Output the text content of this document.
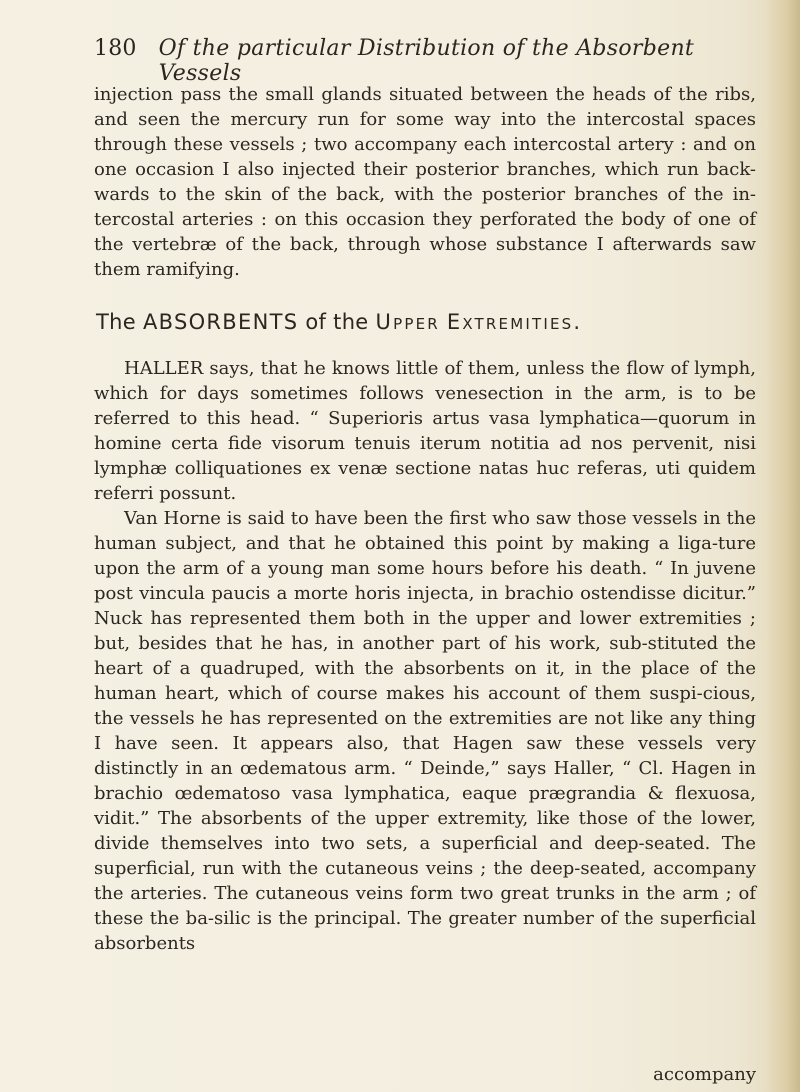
180 Of the particular Distribution of the Absorbent Vessels

injection pass the small glands situated between the heads of the ribs, and seen the mercury run for some way into the intercostal spaces through these vessels ; two accompany each intercostal artery : and on one occasion I also injected their posterior branches, which run back-wards to the skin of the back, with the posterior branches of the in-tercostal arteries : on this occasion they perforated the body of one of the vertebræ of the back, through whose substance I afterwards saw them ramifying.

The ABSORBENTS of the Upper Extremities.

HALLER says, that he knows little of them, unless the flow of lymph, which for days sometimes follows venesection in the arm, is to be referred to this head. “ Superioris artus vasa lymphatica—quorum in homine certa fide visorum tenuis iterum notitia ad nos pervenit, nisi lymphæ colliquationes ex venæ sectione natas huc referas, uti quidem referri possunt.

Van Horne is said to have been the first who saw those vessels in the human subject, and that he obtained this point by making a liga-ture upon the arm of a young man some hours before his death. “ In juvene post vincula paucis a morte horis injecta, in brachio ostendisse dicitur.” Nuck has represented them both in the upper and lower extremities ; but, besides that he has, in another part of his work, sub-stituted the heart of a quadruped, with the absorbents on it, in the place of the human heart, which of course makes his account of them suspi-cious, the vessels he has represented on the extremities are not like any thing I have seen. It appears also, that Hagen saw these vessels very distinctly in an œdematous arm. “ Deinde,” says Haller, “ Cl. Hagen in brachio œdematoso vasa lymphatica, eaque prægrandia & flexuosa, vidit.” The absorbents of the upper extremity, like those of the lower, divide themselves into two sets, a superficial and deep-seated. The superficial, run with the cutaneous veins ; the deep-seated, accompany the arteries. The cutaneous veins form two great trunks in the arm ; of these the ba-silic is the principal. The greater number of the superficial absorbents

accompany
